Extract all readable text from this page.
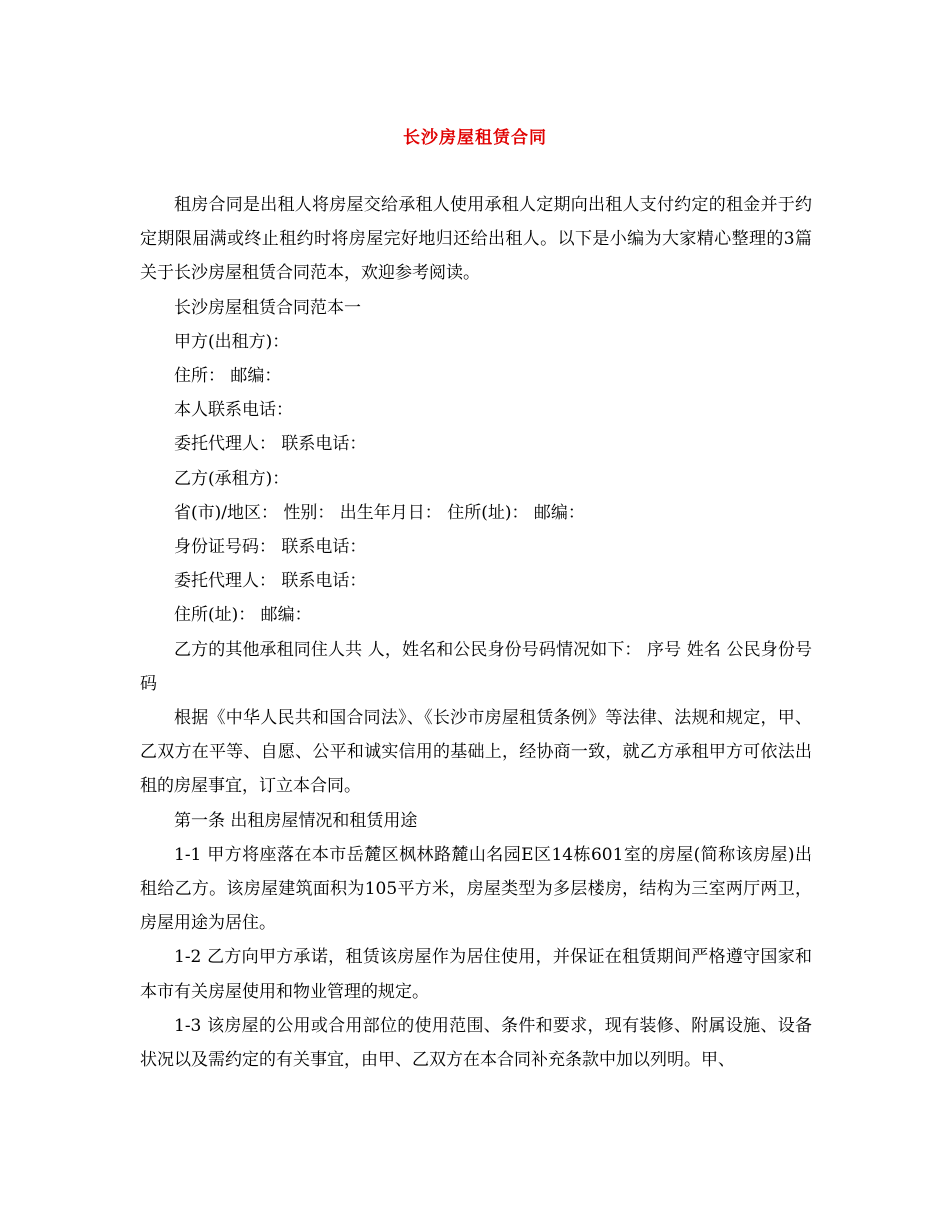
长沙房屋租赁合同

租房合同是出租人将房屋交给承租人使用承租人定期向出租人支付约定的租金并于约定期限届满或终止租约时将房屋完好地归还给出租人。以下是小编为大家精心整理的3篇关于长沙房屋租赁合同范本，欢迎参考阅读。

长沙房屋租赁合同范本一

甲方(出租方)：

住所： 邮编：

本人联系电话：

委托代理人： 联系电话：

乙方(承租方)：

省(市)/地区： 性别： 出生年月日： 住所(址)： 邮编：

身份证号码： 联系电话：

委托代理人： 联系电话：

住所(址)： 邮编：

乙方的其他承租同住人共 人，姓名和公民身份号码情况如下： 序号 姓名 公民身份号码

根据《中华人民共和国合同法》、《长沙市房屋租赁条例》等法律、法规和规定，甲、乙双方在平等、自愿、公平和诚实信用的基础上，经协商一致，就乙方承租甲方可依法出租的房屋事宜，订立本合同。

第一条 出租房屋情况和租赁用途

1-1 甲方将座落在本市岳麓区枫林路麓山名园E区14栋601室的房屋(简称该房屋)出租给乙方。该房屋建筑面积为105平方米，房屋类型为多层楼房，结构为三室两厅两卫，房屋用途为居住。

1-2 乙方向甲方承诺，租赁该房屋作为居住使用，并保证在租赁期间严格遵守国家和本市有关房屋使用和物业管理的规定。

1-3 该房屋的公用或合用部位的使用范围、条件和要求，现有装修、附属设施、设备状况以及需约定的有关事宜，由甲、乙双方在本合同补充条款中加以列明。甲、
